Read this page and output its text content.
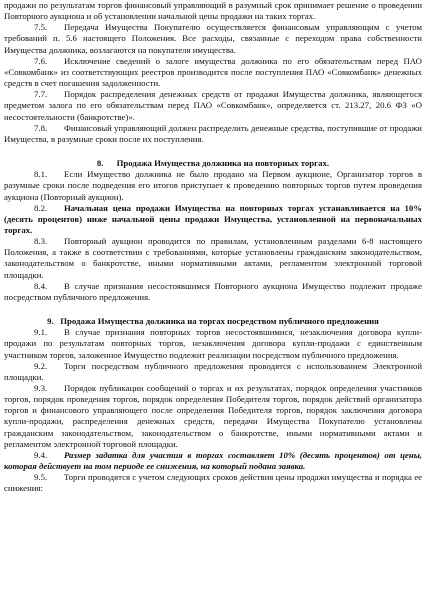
продажи по результатам торгов финансовый управляющий в разумный срок принимает решение о проведении Повторного аукциона и об установлении начальной цены продажи на таких торгах.

7.5. Передача Имущества Покупателю осуществляется финансовым управляющим с учетом требований п. 5.6 настоящего Положения. Все расходы, связанные с переходом права собственности Имущества должника, возлагаются на покупателя имущества.

7.6. Исключение сведений о залоге имущества должника по его обязательствам перед ПАО «Совкомбанк» из соответствующих реестров производится после поступления ПАО «Совкомбанк» денежных средств в счет погашения задолженности.

7.7. Порядок распределения денежных средств от продажи Имущества должника, являющегося предметом залога по его обязательствам перед ПАО «Совкомбанк», определяется ст. 213.27, 20.6 ФЗ «О несостоятельности (банкротстве)».

7.8. Финансовый управляющий должен распределить денежные средства, поступившие от продажи Имущества, в разумные сроки после их поступления.

8. Продажа Имущества должника на повторных торгах.

8.1. Если Имущество должника не было продано на Первом аукционе, Организатор торгов в разумные сроки после подведения его итогов приступает к проведению повторных торгов путем проведения аукциона (Повторный аукцион).

8.2. Начальная цена продажи Имущества на повторных торгах устанавливается на 10% (десять процентов) ниже начальной цены продажи Имущества, установленной на первоначальных торгах.

8.3. Повторный аукцион проводится по правилам, установленным разделами 6-8 настоящего Положения, а также в соответствии с требованиями, которые установлены гражданским законодательством, законодательством о банкротстве, иными нормативными актами, регламентом электронной торговой площадки.

8.4. В случае признания несостоявшимся Повторного аукциона Имущество подлежит продаже посредством публичного предложения.

9. Продажа Имущества должника на торгах посредством публичного предложения

9.1. В случае признания повторных торгов несостоявшимися, незаключения договора купли-продажи по результатам повторных торгов, незаключения договора купли-продажи с единственным участником торгов, заложенное Имущество подлежит реализации посредством публичного предложения.

9.2. Торги посредством публичного предложения проводятся с использованием Электронной площадки.

9.3. Порядок публикации сообщений о торгах и их результатах, порядок определения участников торгов, порядок проведения торгов, порядок определения Победителя торгов, порядок действий организатора торгов и финансового управляющего после определения Победителя торгов, порядок заключения договора купли-продажи, распределения денежных средств, передачи Имущества Покупателю установлены гражданским законодательством, законодательством о банкротстве, иными нормативными актами и регламентом электронной торговой площадки.

9.4. Размер задатка для участия в торгах составляет 10% (десять процентов) от цены, которая действует на том периоде ее снижения, на который подана заявка.

9.5. Торги проводятся с учетом следующих сроков действия цены продажи имущества и порядка ее снижения:
